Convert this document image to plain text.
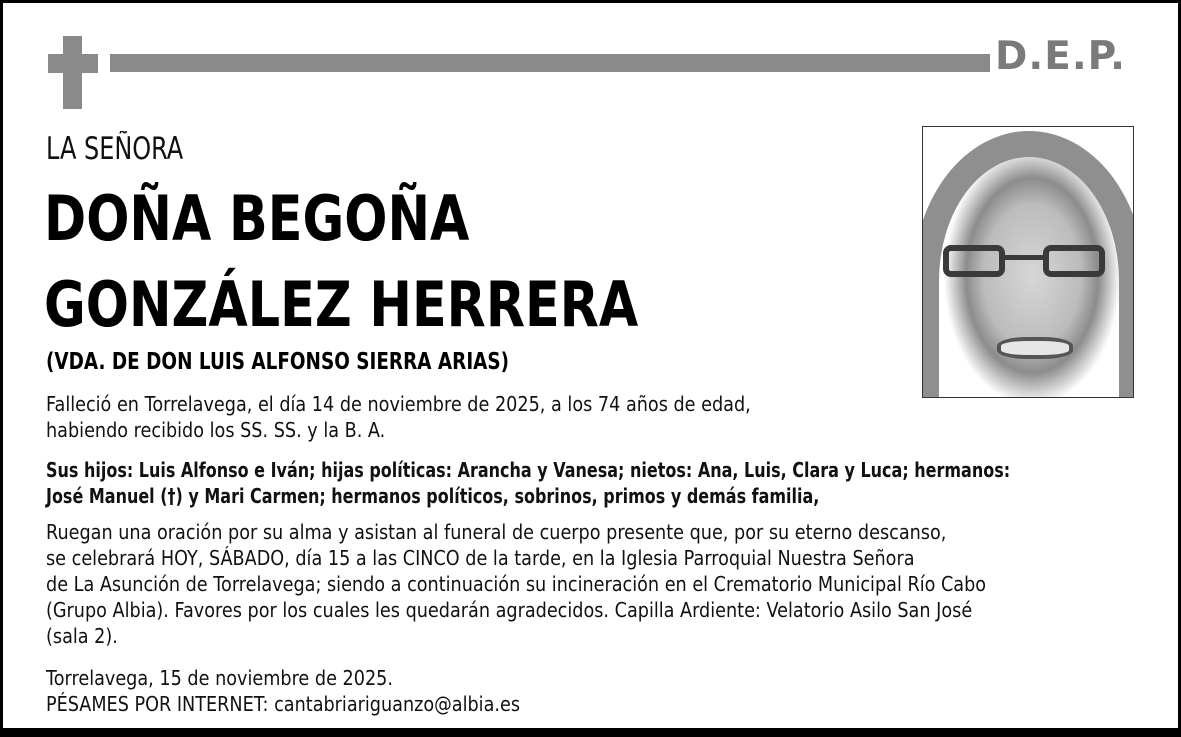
D.E.P.
LA SEÑORA
DOÑA BEGOÑA
GONZÁLEZ HERRERA
(VDA. DE DON LUIS ALFONSO SIERRA ARIAS)
Falleció en Torrelavega, el día 14 de noviembre de 2025, a los 74 años de edad,
habiendo recibido los SS. SS. y la B. A.
Sus hijos: Luis Alfonso e Iván; hijas políticas: Arancha y Vanesa; nietos: Ana, Luis, Clara y Luca; hermanos:
José Manuel (†) y Mari Carmen; hermanos políticos, sobrinos, primos y demás familia,
Ruegan una oración por su alma y asistan al funeral de cuerpo presente que, por su eterno descanso,
se celebrará HOY, SÁBADO, día 15 a las CINCO de la tarde, en la Iglesia Parroquial Nuestra Señora
de La Asunción de Torrelavega; siendo a continuación su incineración en el Crematorio Municipal Río Cabo
(Grupo Albia). Favores por los cuales les quedarán agradecidos. Capilla Ardiente: Velatorio Asilo San José
(sala 2).
Torrelavega, 15 de noviembre de 2025.
PÉSAMES POR INTERNET: cantabriariguanzo@albia.es
